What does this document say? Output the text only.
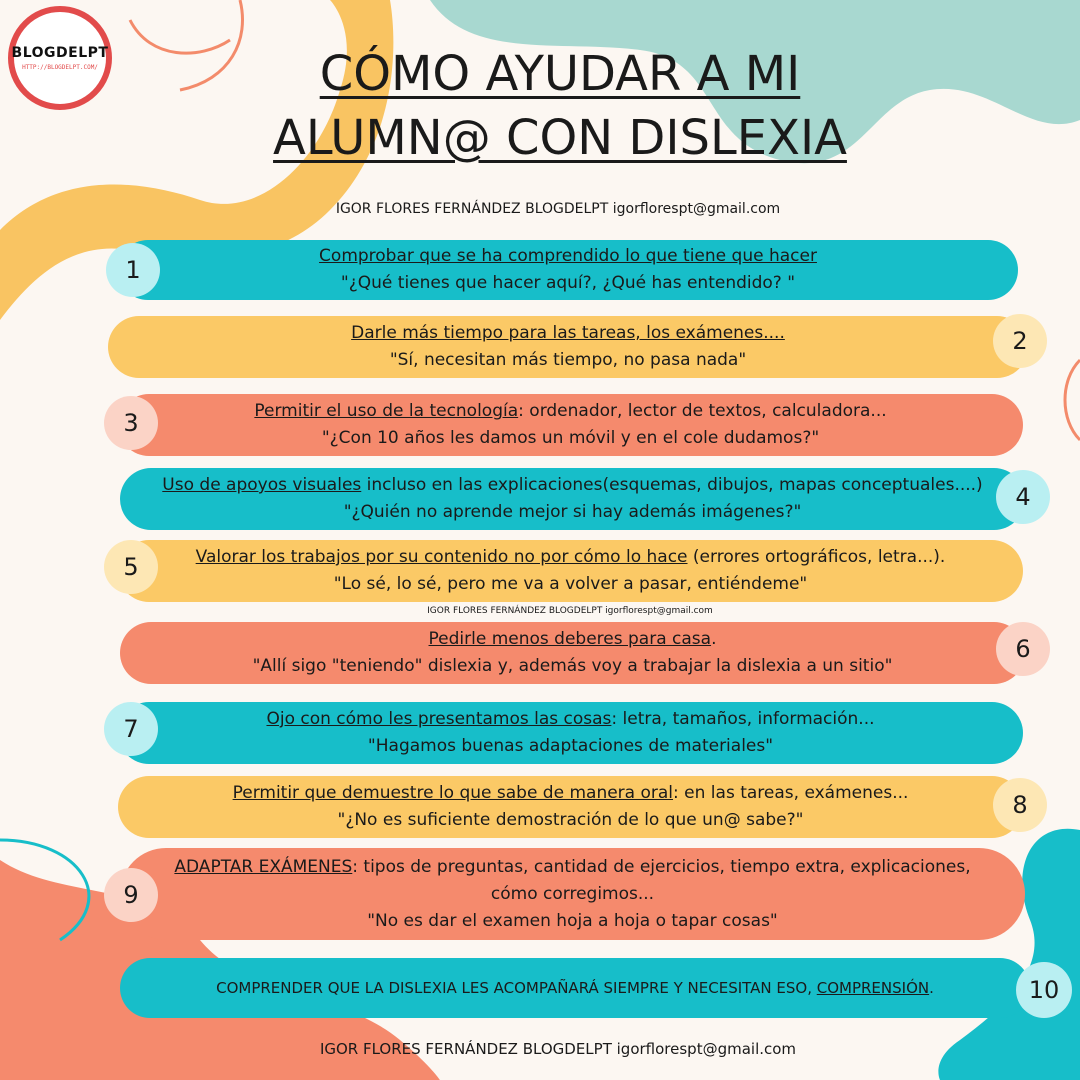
BLOGDELPT
HTTP://BLOGDELPT.COM/	CÓMO AYUDAR A MI
ALUMN@ CON DISLEXIA
IGOR FLORES FERNÁNDEZ BLOGDELPT igorflorespt@gmail.com
Comprobar que se ha comprendido lo que tiene que hacer
"¿Qué tienes que hacer aquí?, ¿Qué has entendido? "
1
Darle más tiempo para las tareas, los exámenes....
"Sí, necesitan más tiempo, no pasa nada"
2
Permitir el uso de la tecnología: ordenador, lector de textos, calculadora...
"¿Con 10 años les damos un móvil y en el cole dudamos?"
3
Uso de apoyos visuales incluso en las explicaciones(esquemas, dibujos, mapas conceptuales....)
"¿Quién no aprende mejor si hay además imágenes?"
4
Valorar los trabajos por su contenido no por cómo lo hace (errores ortográficos, letra...).
"Lo sé, lo sé, pero me va a volver a pasar, entiéndeme"
5
IGOR FLORES FERNÁNDEZ BLOGDELPT igorflorespt@gmail.com
Pedirle menos deberes para casa.
"Allí sigo "teniendo" dislexia y, además voy a trabajar la dislexia a un sitio"
6
Ojo con cómo les presentamos las cosas: letra, tamaños, información...
"Hagamos buenas adaptaciones de materiales"
7
Permitir que demuestre lo que sabe de manera oral: en las tareas, exámenes...
"¿No es suficiente demostración de lo que un@ sabe?"
8
ADAPTAR EXÁMENES: tipos de preguntas, cantidad de ejercicios, tiempo extra, explicaciones,
cómo corregimos...
"No es dar el examen hoja a hoja o tapar cosas"
9
COMPRENDER QUE LA DISLEXIA LES ACOMPAÑARÁ SIEMPRE Y NECESITAN ESO, COMPRENSIÓN.	10
IGOR FLORES FERNÁNDEZ BLOGDELPT igorflorespt@gmail.com
